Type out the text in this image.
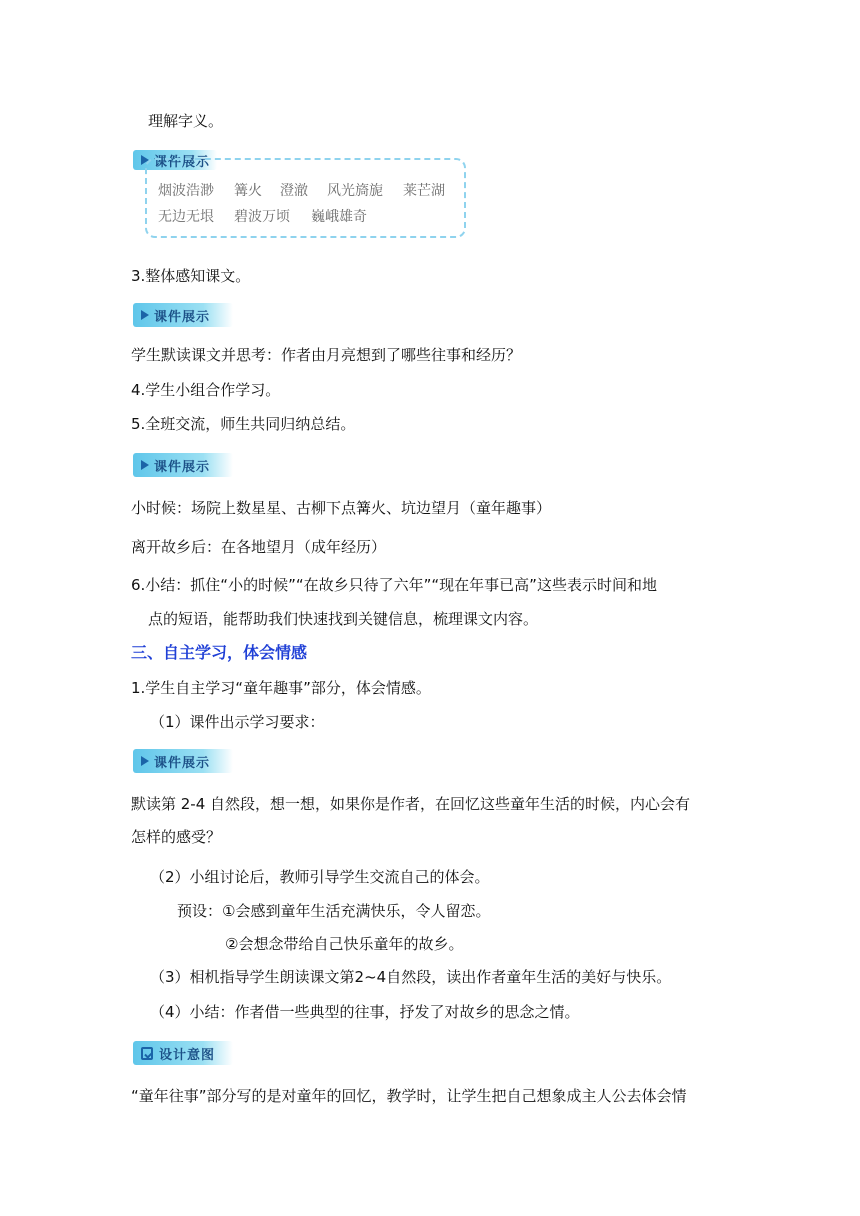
理解字义。
课件展示
烟波浩渺 篝火 澄澈 风光旖旎 莱芒湖
无边无垠 碧波万顷 巍峨雄奇
3.整体感知课文。
课件展示
学生默读课文并思考：作者由月亮想到了哪些往事和经历？
4.学生小组合作学习。
5.全班交流，师生共同归纳总结。
课件展示
小时候：场院上数星星、古柳下点篝火、坑边望月（童年趣事）
离开故乡后：在各地望月（成年经历）
6.小结：抓住“小的时候”“在故乡只待了六年”“现在年事已高”这些表示时间和地
点的短语，能帮助我们快速找到关键信息，梳理课文内容。
三、自主学习，体会情感
1.学生自主学习“童年趣事”部分，体会情感。
（1）课件出示学习要求：
课件展示
默读第 2-4 自然段，想一想，如果你是作者，在回忆这些童年生活的时候，内心会有
怎样的感受？
（2）小组讨论后，教师引导学生交流自己的体会。
预设：①会感到童年生活充满快乐，令人留恋。
②会想念带给自己快乐童年的故乡。
（3）相机指导学生朗读课文第2~4自然段，读出作者童年生活的美好与快乐。
（4）小结：作者借一些典型的往事，抒发了对故乡的思念之情。
设计意图
“童年往事”部分写的是对童年的回忆，教学时，让学生把自己想象成主人公去体会情
